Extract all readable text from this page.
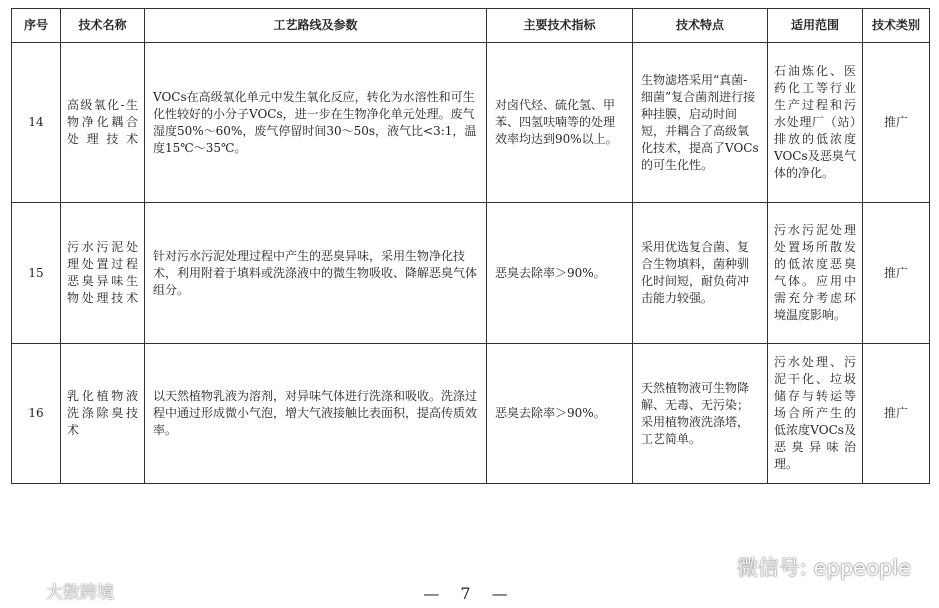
序号	技术名称	工艺路线及参数	主要技术指标	技术特点	适用范围	技术类别
14	高级氧化-生物净化耦合处理技术	VOCs在高级氧化单元中发生氧化反应，转化为水溶性和可生化性较好的小分子VOCs，进一步在生物净化单元处理。废气湿度50%～60%，废气停留时间30～50s，液气比<3:1，温度15℃～35℃。	对卤代烃、硫化氢、甲苯、四氢呋喃等的处理效率均达到90%以上。	生物滤塔采用“真菌-细菌”复合菌剂进行接种挂膜，启动时间短，并耦合了高级氧化技术，提高了VOCs的可生化性。	石油炼化、医药化工等行业生产过程和污水处理厂（站）排放的低浓度VOCs及恶臭气体的净化。	推广
15	污水污泥处理处置过程恶臭异味生物处理技术	针对污水污泥处理过程中产生的恶臭异味，采用生物净化技术，利用附着于填料或洗涤液中的微生物吸收、降解恶臭气体组分。	恶臭去除率＞90%。	采用优选复合菌、复合生物填料，菌种驯化时间短，耐负荷冲击能力较强。	污水污泥处理处置场所散发的低浓度恶臭气体。应用中需充分考虑环境温度影响。	推广
16	乳化植物液洗涤除臭技术	以天然植物乳液为溶剂，对异味气体进行洗涤和吸收。洗涤过程中通过形成微小气泡，增大气液接触比表面积，提高传质效率。	恶臭去除率＞90%。	天然植物液可生物降解、无毒、无污染；采用植物液洗涤塔，工艺简单。	污水处理、污泥干化、垃圾储存与转运等场合所产生的低浓度VOCs及恶臭异味治理。	推广
微信号: eppeople
— 7 —
大数跨境
